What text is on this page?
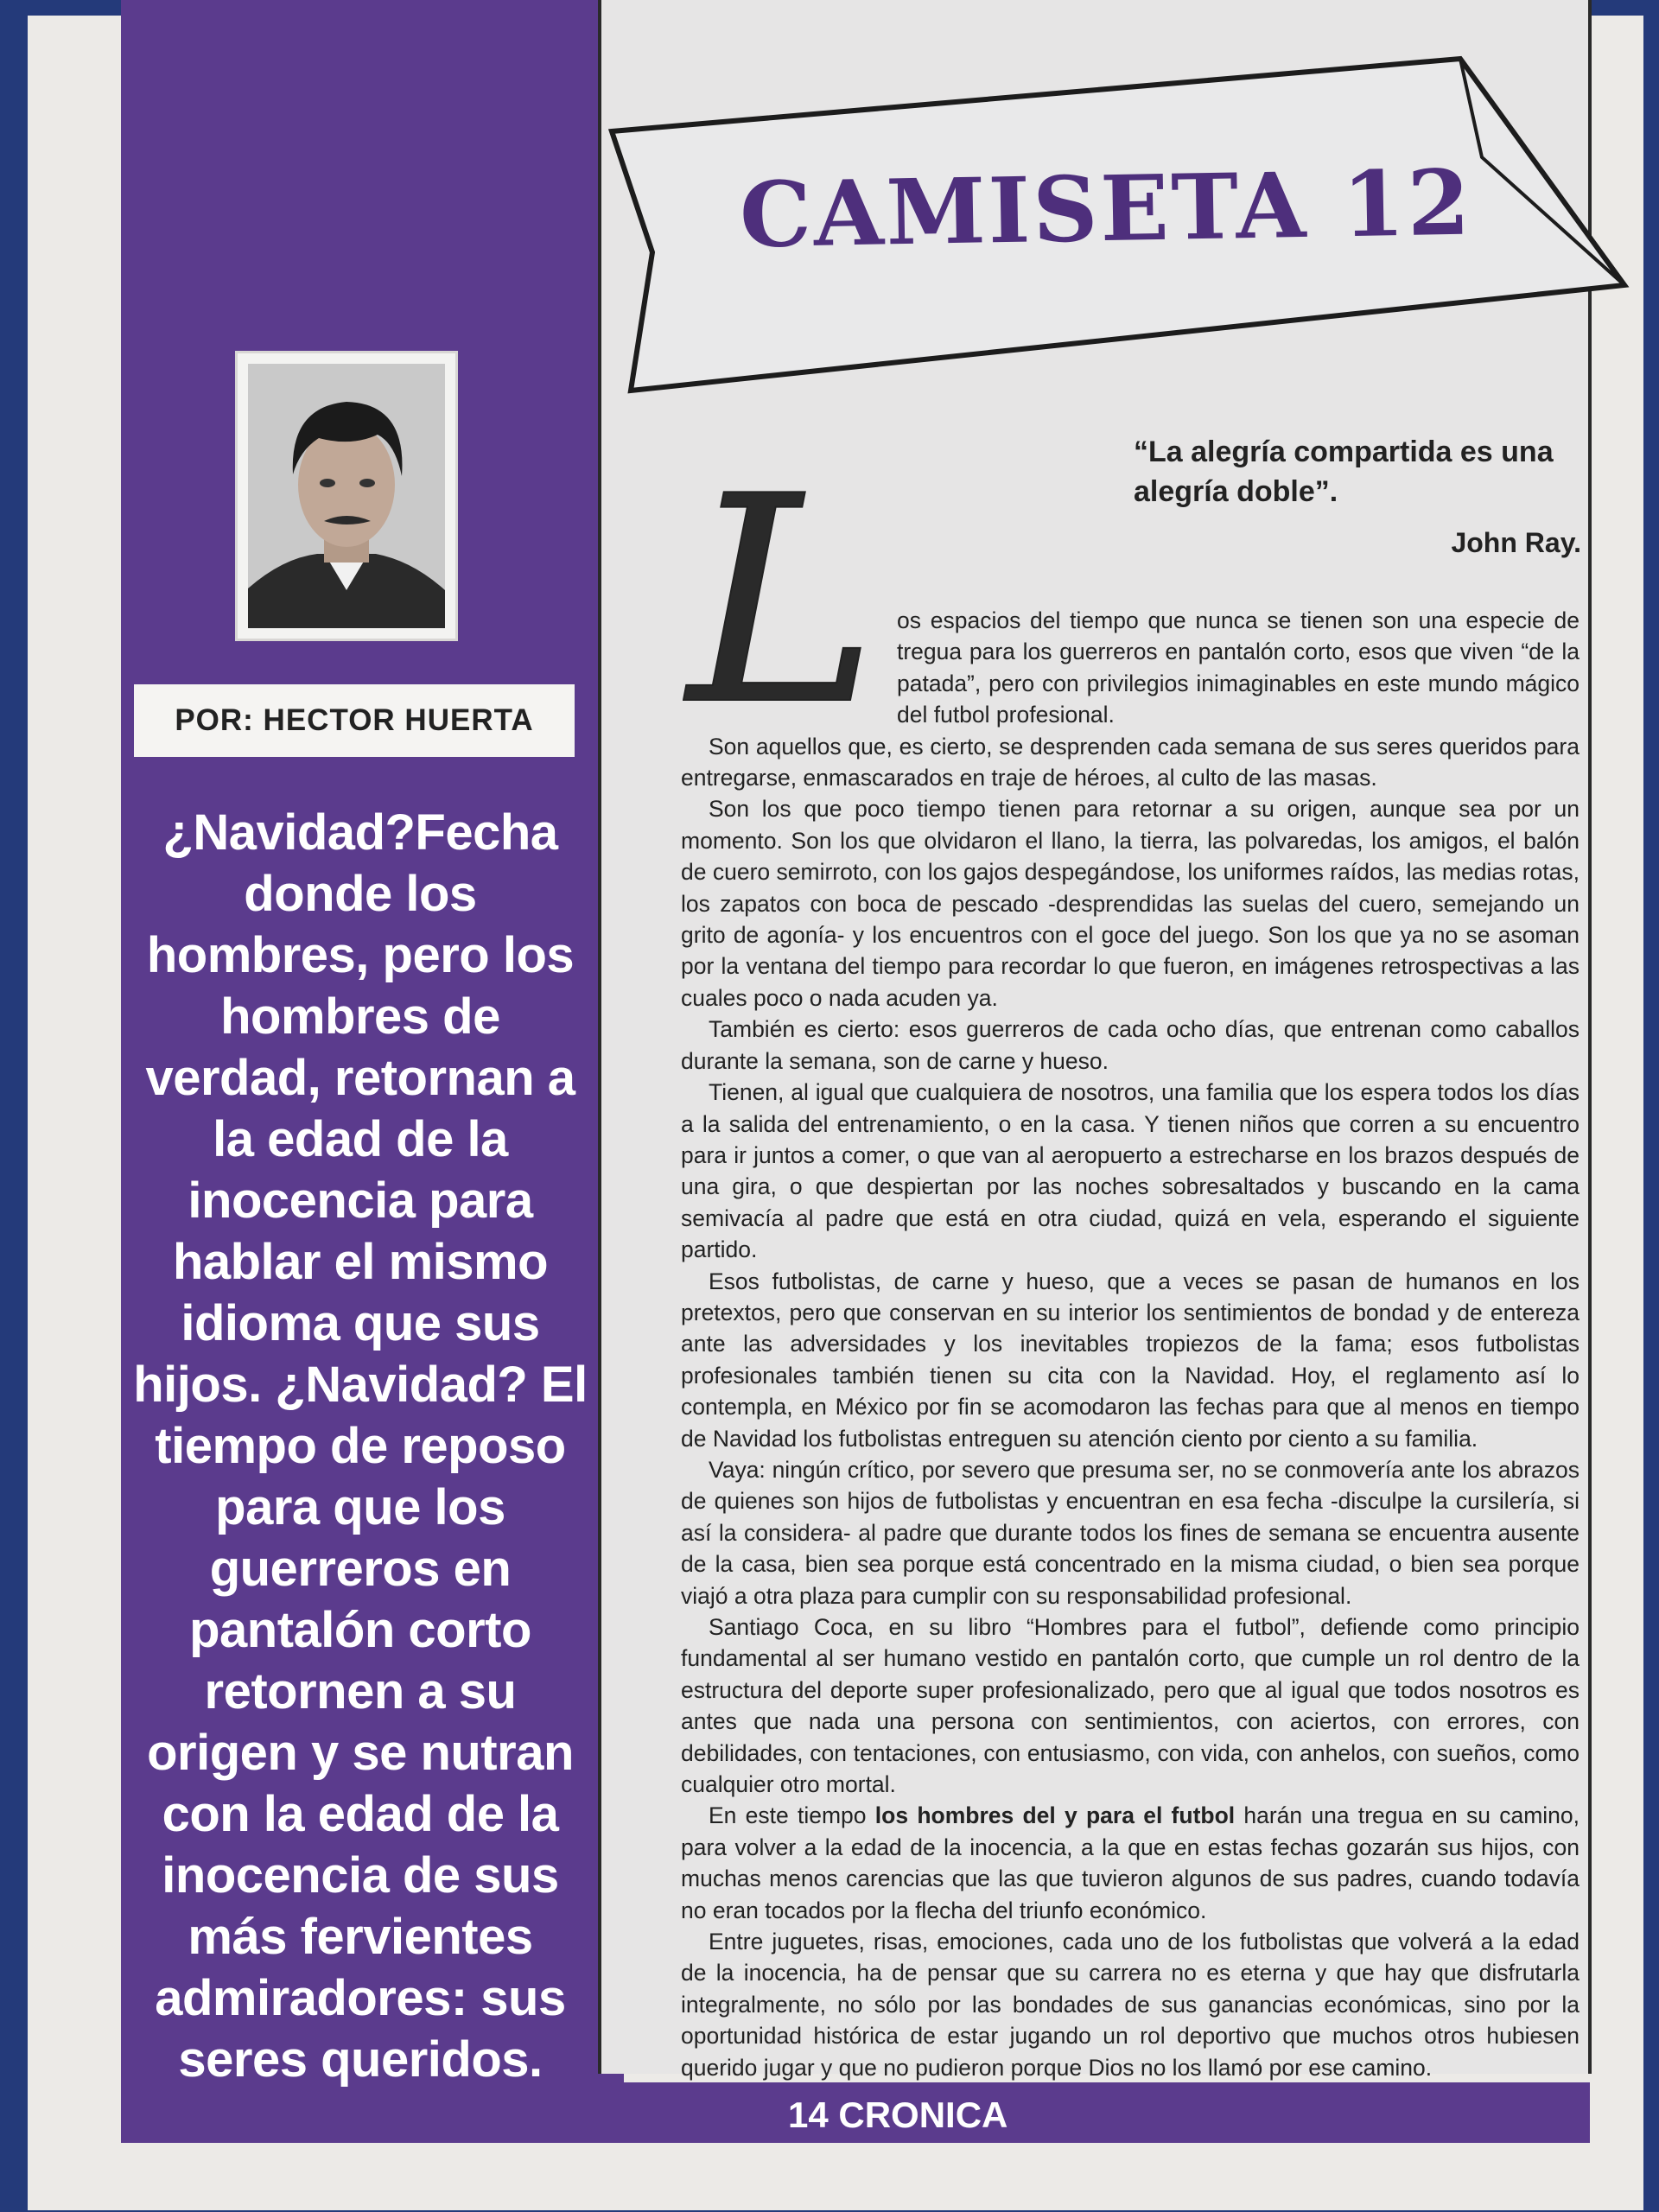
CAMISETA 12
POR: HECTOR HUERTA
¿Navidad?Fecha donde los hombres, pero los hombres de verdad, retornan a la edad de la inocencia para hablar el mismo idioma que sus hijos. ¿Navidad? El tiempo de reposo para que los guerreros en pantalón corto retornen a su origen y se nutran con la edad de la inocencia de sus más fervientes admiradores: sus seres queridos.
“La alegría compartida es una alegría doble”.
John Ray.
L os espacios del tiempo que nunca se tienen son una especie de tregua para los guerreros en pantalón corto, esos que viven “de la patada”, pero con privilegios inimaginables en este mundo mágico del futbol profesional.

Son aquellos que, es cierto, se desprenden cada semana de sus seres queridos para entregarse, enmascarados en traje de héroes, al culto de las masas.

Son los que poco tiempo tienen para retornar a su origen, aunque sea por un momento. Son los que olvidaron el llano, la tierra, las polvaredas, los amigos, el balón de cuero semirroto, con los gajos despegándose, los uniformes raídos, las medias rotas, los zapatos con boca de pescado -desprendidas las suelas del cuero, semejando un grito de agonía- y los encuentros con el goce del juego. Son los que ya no se asoman por la ventana del tiempo para recordar lo que fueron, en imágenes retrospectivas a las cuales poco o nada acuden ya.

También es cierto: esos guerreros de cada ocho días, que entrenan como caballos durante la semana, son de carne y hueso.

Tienen, al igual que cualquiera de nosotros, una familia que los espera todos los días a la salida del entrenamiento, o en la casa. Y tienen niños que corren a su encuentro para ir juntos a comer, o que van al aeropuerto a estrecharse en los brazos después de una gira, o que despiertan por las noches sobresaltados y buscando en la cama semivacía al padre que está en otra ciudad, quizá en vela, esperando el siguiente partido.

Esos futbolistas, de carne y hueso, que a veces se pasan de humanos en los pretextos, pero que conservan en su interior los sentimientos de bondad y de entereza ante las adversidades y los inevitables tropiezos de la fama; esos futbolistas profesionales también tienen su cita con la Navidad. Hoy, el reglamento así lo contempla, en México por fin se acomodaron las fechas para que al menos en tiempo de Navidad los futbolistas entreguen su atención ciento por ciento a su familia.

Vaya: ningún crítico, por severo que presuma ser, no se conmovería ante los abrazos de quienes son hijos de futbolistas y encuentran en esa fecha -disculpe la cursilería, si así la considera- al padre que durante todos los fines de semana se encuentra ausente de la casa, bien sea porque está concentrado en la misma ciudad, o bien sea porque viajó a otra plaza para cumplir con su responsabilidad profesional.

Santiago Coca, en su libro “Hombres para el futbol”, defiende como principio fundamental al ser humano vestido en pantalón corto, que cumple un rol dentro de la estructura del deporte super profesionalizado, pero que al igual que todos nosotros es antes que nada una persona con sentimientos, con aciertos, con errores, con debilidades, con tentaciones, con entusiasmo, con vida, con anhelos, con sueños, como cualquier otro mortal.

En este tiempo los hombres del y para el futbol harán una tregua en su camino, para volver a la edad de la inocencia, a la que en estas fechas gozarán sus hijos, con muchas menos carencias que las que tuvieron algunos de sus padres, cuando todavía no eran tocados por la flecha del triunfo económico.

Entre juguetes, risas, emociones, cada uno de los futbolistas que volverá a la edad de la inocencia, ha de pensar que su carrera no es eterna y que hay que disfrutarla integralmente, no sólo por las bondades de sus ganancias económicas, sino por la oportunidad histórica de estar jugando un rol deportivo que muchos otros hubiesen querido jugar y que no pudieron porque Dios no los llamó por ese camino.

14 CRONICA
